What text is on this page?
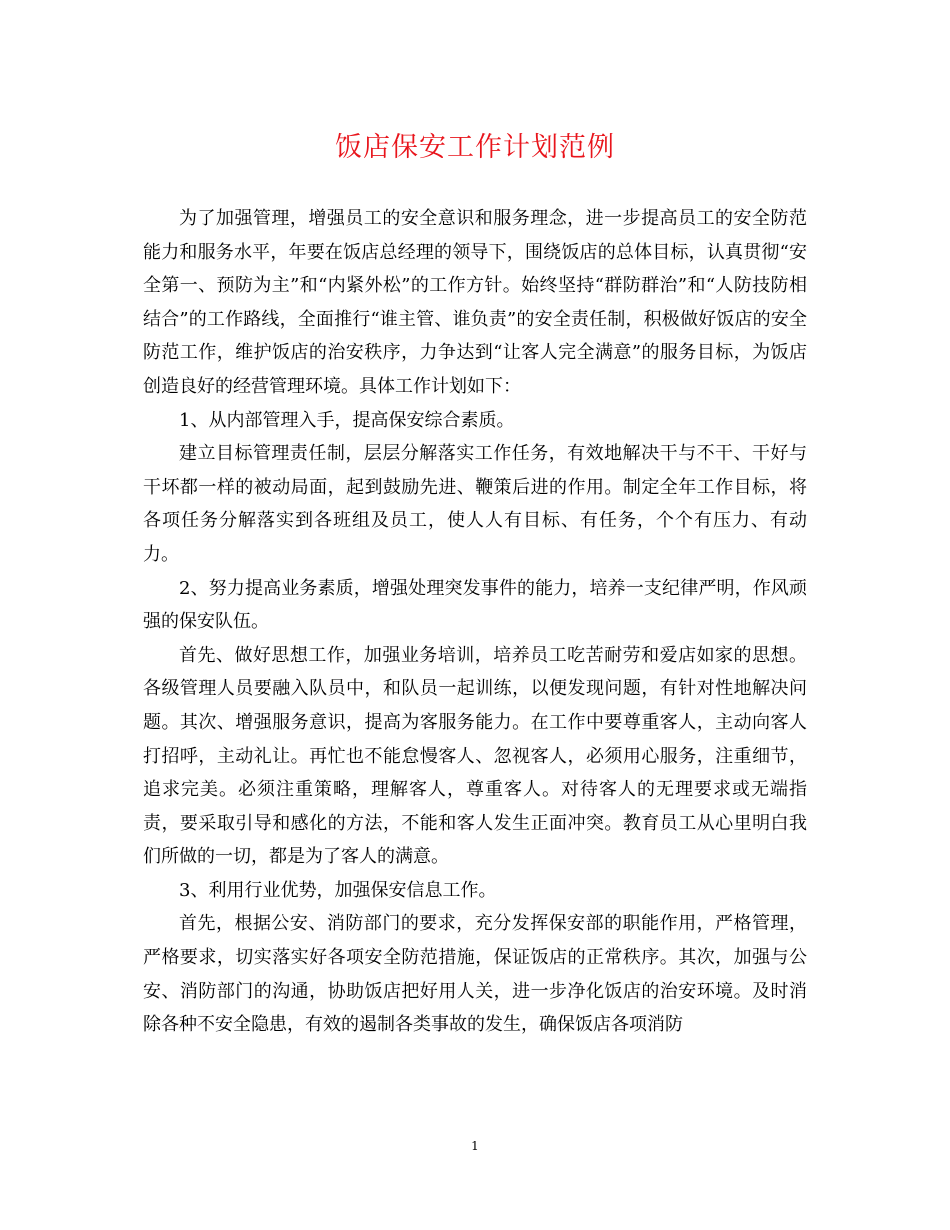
饭店保安工作计划范例

为了加强管理，增强员工的安全意识和服务理念，进一步提高员工的安全防范能力和服务水平，年要在饭店总经理的领导下，围绕饭店的总体目标，认真贯彻“安全第一、预防为主”和“内紧外松”的工作方针。始终坚持“群防群治”和“人防技防相结合”的工作路线，全面推行“谁主管、谁负责”的安全责任制，积极做好饭店的安全防范工作，维护饭店的治安秩序，力争达到“让客人完全满意”的服务目标，为饭店创造良好的经营管理环境。具体工作计划如下：

1、从内部管理入手，提高保安综合素质。

建立目标管理责任制，层层分解落实工作任务，有效地解决干与不干、干好与干坏都一样的被动局面，起到鼓励先进、鞭策后进的作用。制定全年工作目标，将各项任务分解落实到各班组及员工，使人人有目标、有任务，个个有压力、有动力。

2、努力提高业务素质，增强处理突发事件的能力，培养一支纪律严明，作风顽强的保安队伍。

首先、做好思想工作，加强业务培训，培养员工吃苦耐劳和爱店如家的思想。各级管理人员要融入队员中，和队员一起训练，以便发现问题，有针对性地解决问题。其次、增强服务意识，提高为客服务能力。在工作中要尊重客人，主动向客人打招呼，主动礼让。再忙也不能怠慢客人、忽视客人，必须用心服务，注重细节，追求完美。必须注重策略，理解客人，尊重客人。对待客人的无理要求或无端指责，要采取引导和感化的方法，不能和客人发生正面冲突。教育员工从心里明白我们所做的一切，都是为了客人的满意。

3、利用行业优势，加强保安信息工作。

首先，根据公安、消防部门的要求，充分发挥保安部的职能作用，严格管理，严格要求，切实落实好各项安全防范措施，保证饭店的正常秩序。其次，加强与公安、消防部门的沟通，协助饭店把好用人关，进一步净化饭店的治安环境。及时消除各种不安全隐患，有效的遏制各类事故的发生，确保饭店各项消防

1
